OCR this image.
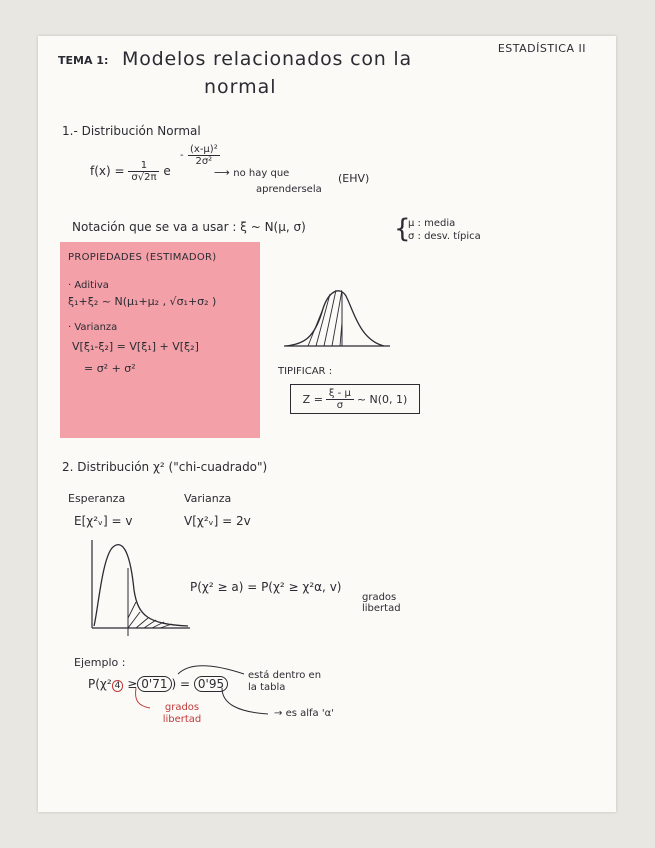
ESTADÍSTICA II
TEMA 1: Modelos relacionados con la
normal
1.- Distribución Normal
$f(x) = \frac{1}{\sigma√2\pi}$ e
-
(x-μ)²
2σ²
⟶ no hay que	(EHV)
aprendersela
Notación que se va a usar : ξ ~ N(μ, σ)	{
μ : media
σ : desv. típica
PROPIEDADES (ESTIMADOR)
· Aditiva
ξ₁+ξ₂ ~ N(μ₁+μ₂ , √σ₁+σ₂ )
· Varianza
V[ξ₁-ξ₂] = V[ξ₁] + V[ξ₂]
= σ² + σ²	TIPIFICAR :
$Z = \frac{\xi - \mu}{\sigma}$ ~ N(0, 1)
2. Distribución χ² ("chi-cuadrado")
Esperanza	Varianza
E[χ²ᵥ] = v	V[χ²ᵥ] = 2v
P(χ² ≥ a) = P(χ² ≥ χ²α, v)
grados libertad
Ejemplo :
P(χ² 4 ≥ 0'71 ) = 0'95
está dentro en la tabla
→ es alfa 'α'
grados libertad
